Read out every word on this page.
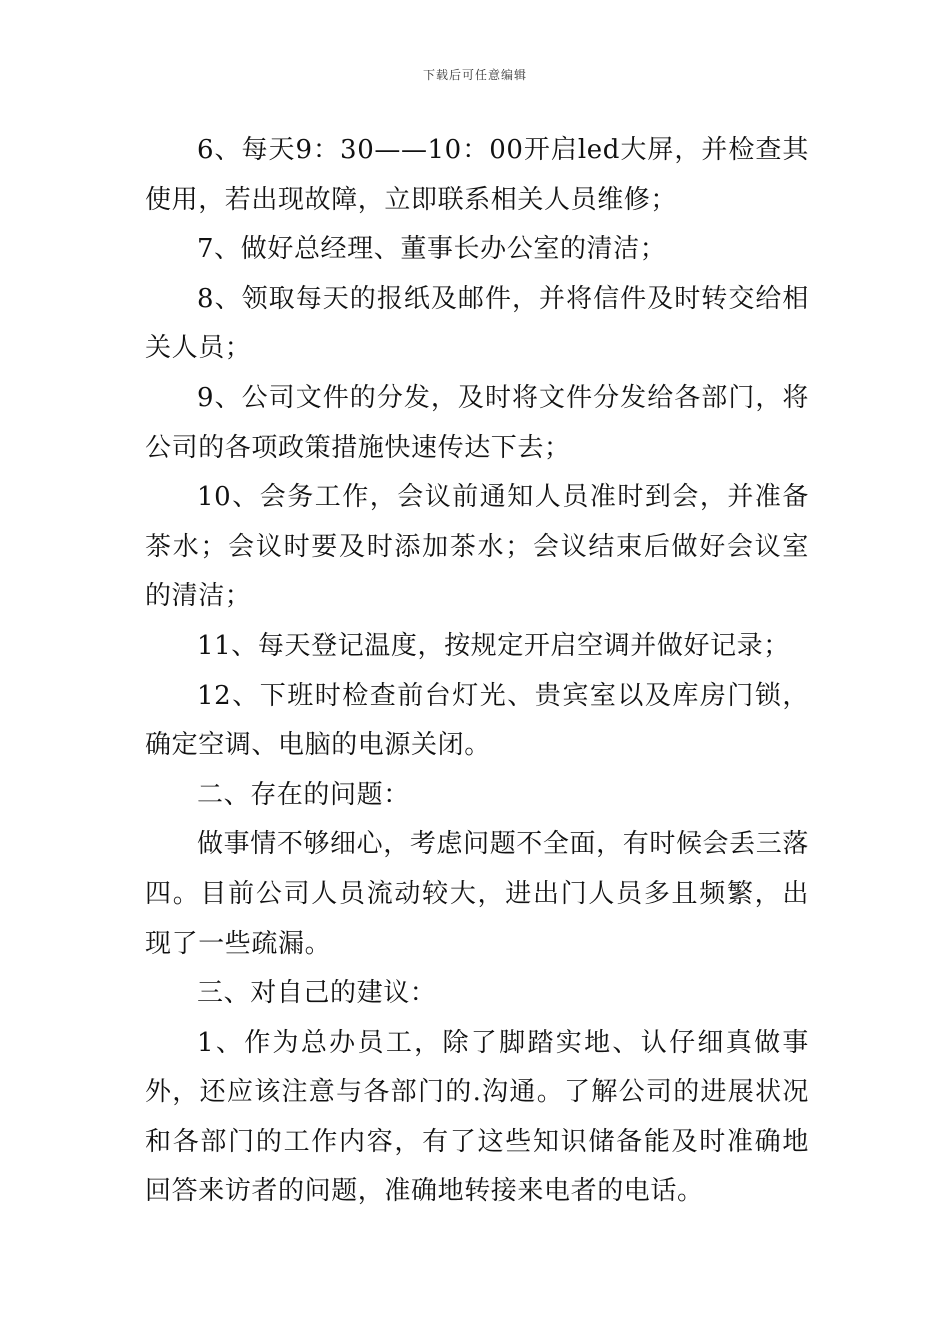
下载后可任意编辑

6、每天9：30——10：00开启led大屏，并检查其使用，若出现故障，立即联系相关人员维修；

7、做好总经理、董事长办公室的清洁；

8、领取每天的报纸及邮件，并将信件及时转交给相关人员；

9、公司文件的分发，及时将文件分发给各部门，将公司的各项政策措施快速传达下去；

10、会务工作，会议前通知人员准时到会，并准备茶水；会议时要及时添加茶水；会议结束后做好会议室的清洁；

11、每天登记温度，按规定开启空调并做好记录；

12、下班时检查前台灯光、贵宾室以及库房门锁，确定空调、电脑的电源关闭。

二、存在的问题：

做事情不够细心，考虑问题不全面，有时候会丢三落四。目前公司人员流动较大，进出门人员多且频繁，出现了一些疏漏。

三、对自己的建议：

1、作为总办员工，除了脚踏实地、认仔细真做事外，还应该注意与各部门的.沟通。了解公司的进展状况和各部门的工作内容，有了这些知识储备能及时准确地回答来访者的问题，准确地转接来电者的电话。
